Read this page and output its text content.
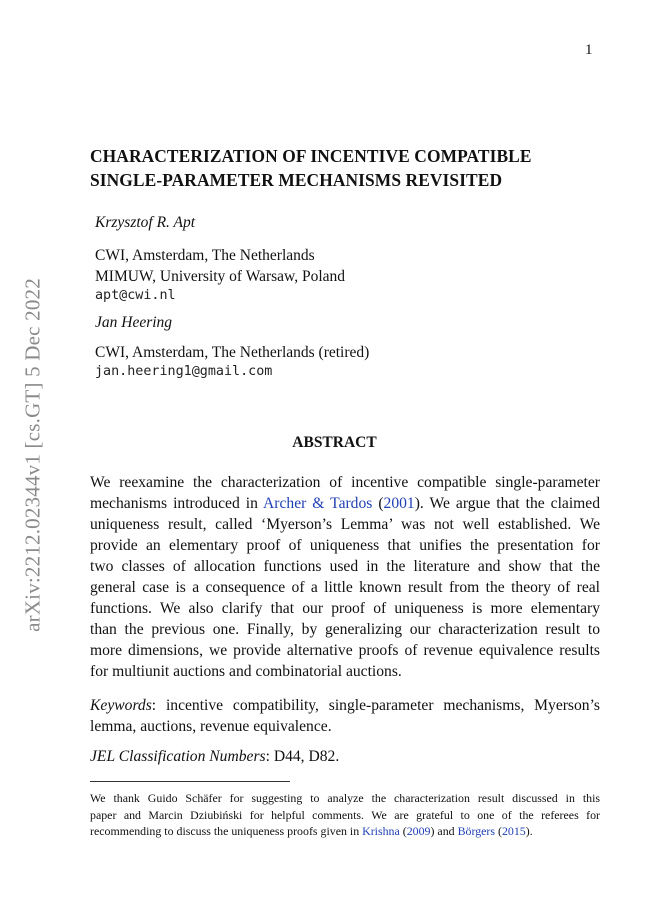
arXiv:2212.02344v1 [cs.GT] 5 Dec 2022
1
CHARACTERIZATION OF INCENTIVE COMPATIBLE
SINGLE-PARAMETER MECHANISMS REVISITED
Krzysztof R. Apt
CWI, Amsterdam, The Netherlands
MIMUW, University of Warsaw, Poland
apt@cwi.nl
Jan Heering
CWI, Amsterdam, The Netherlands (retired)
jan.heering1@gmail.com
ABSTRACT
We reexamine the characterization of incentive compatible single-parameter
mechanisms introduced in Archer & Tardos (2001). We argue that the claimed
uniqueness result, called ‘Myerson’s Lemma’ was not well established. We
provide an elementary proof of uniqueness that unifies the presentation for
two classes of allocation functions used in the literature and show that the
general case is a consequence of a little known result from the theory of real
functions. We also clarify that our proof of uniqueness is more elementary
than the previous one. Finally, by generalizing our characterization result to
more dimensions, we provide alternative proofs of revenue equivalence results
for multiunit auctions and combinatorial auctions.
Keywords: incentive compatibility, single-parameter mechanisms, Myerson’s
lemma, auctions, revenue equivalence.
JEL Classification Numbers: D44, D82.
We thank Guido Schäfer for suggesting to analyze the characterization result discussed in this
paper and Marcin Dziubiński for helpful comments. We are grateful to one of the referees for
recommending to discuss the uniqueness proofs given in Krishna (2009) and Börgers (2015).
